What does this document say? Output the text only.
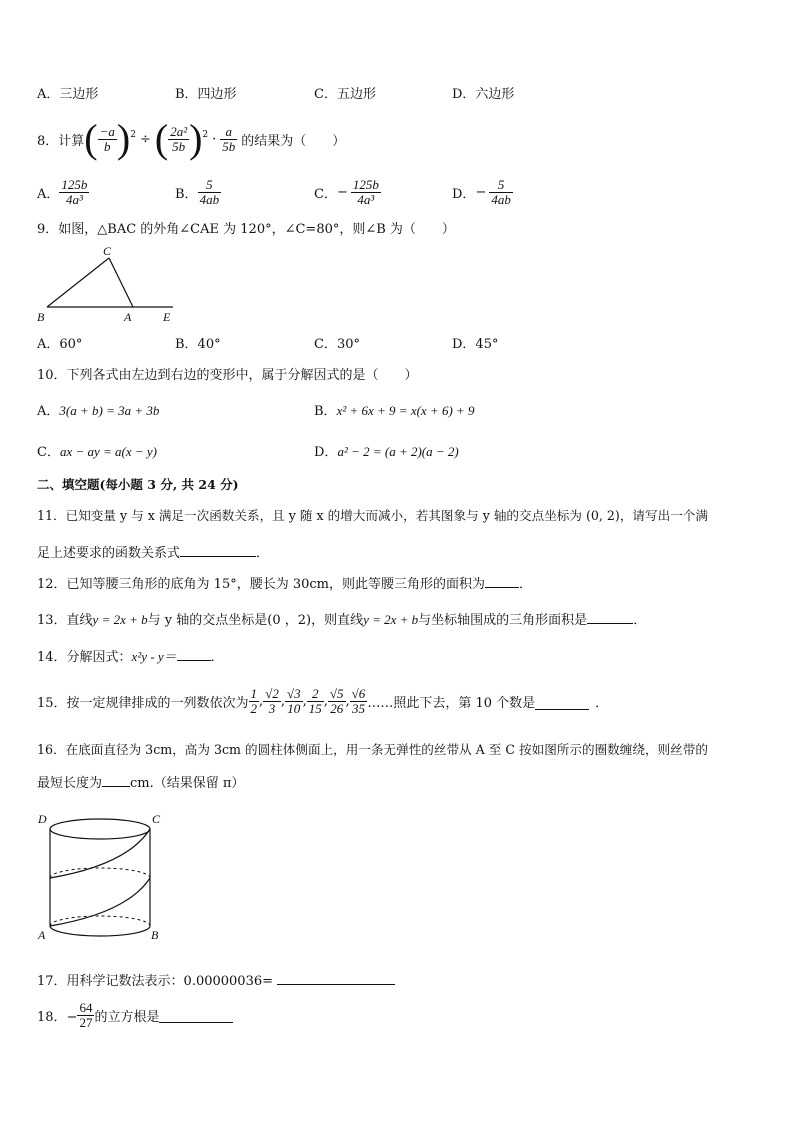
A．三边形	B．四边形	C．五边形	D．六边形
8．计算 ( $\frac{-a}{b}$ ) 2 ÷ ( $\frac{\text{2a²}}{5b}$ ) $2 \cdot \frac{a}{5b}$ 的结果为（　　）
A． $\frac{125b}{\text{4a³}}$	B． $\frac{5}{4ab}$	C． − $\frac{125b}{\text{4a³}}$	D． − $\frac{5}{4ab}$
9．如图，△BAC 的外角∠CAE 为 120°，∠C=80°，则∠B 为（　　）
C
B	A	E
A．60°	B．40°	C．30°	D．45°
10．下列各式由左边到右边的变形中，属于分解因式的是（　　）
A．3(a + b) = 3a + 3b	B．x² + 6x + 9 = x(x + 6) + 9
C．ax − ay = a(x − y)	D．a² − 2 = (a + 2)(a − 2)
二、填空题(每小题 3 分, 共 24 分)
11．已知变量 y 与 x 满足一次函数关系，且 y 随 x 的增大而减小，若其图象与 y 轴的交点坐标为 (0, 2)，请写出一个满
足上述要求的函数关系式	．
12．已知等腰三角形的底角为 15°，腰长为 30cm，则此等腰三角形的面积为	．
13．直线y = 2x + b与 y 轴的交点坐标是(0 ，2)，则直线y = 2x + b与坐标轴围成的三角形面积是	．
14．分解因式：x²y - y＝	．
15．按一定规律排成的一列数依次为 $\frac{1}{2}$ , $\frac{√2}{3}$ , $\frac{√3}{10}$ , $\frac{2}{15}$ , $\frac{√5}{26}$ , $\frac{√6}{35}$ ……照此下去，第 10 个数是	．
16．在底面直径为 3cm，高为 3cm 的圆柱体侧面上，用一条无弹性的丝带从 A 至 C 按如图所示的圈数缠绕，则丝带的
最短长度为 cm.（结果保留 π）
D	C
A	B
17．用科学记数法表示：0.00000036=
18．− $\frac{64}{27}$ 的立方根是
